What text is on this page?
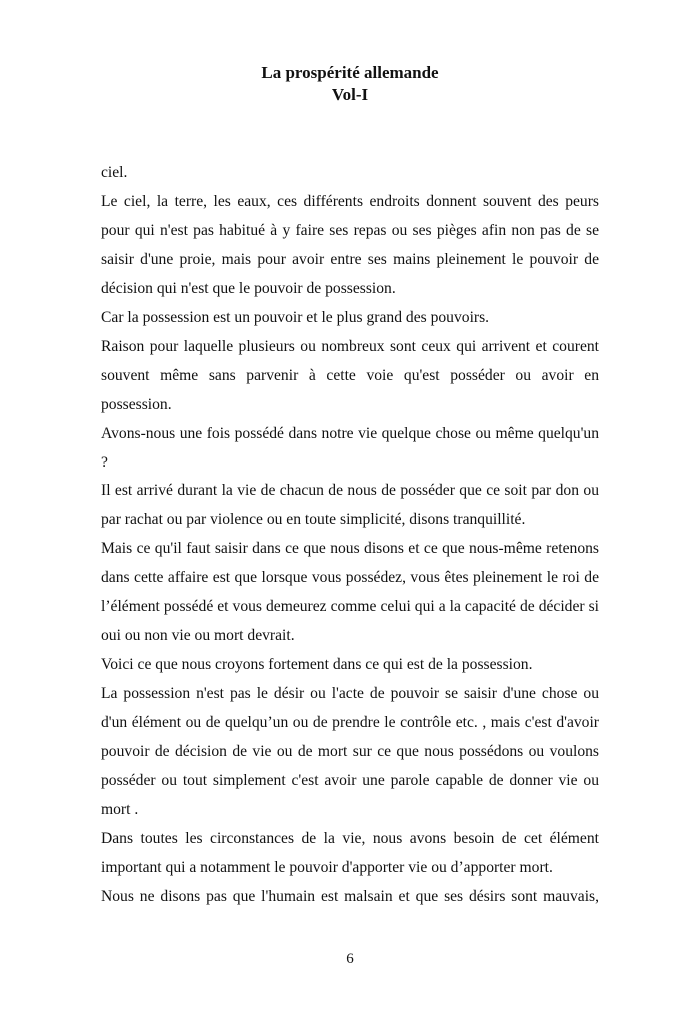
La prospérité allemande
Vol-I

ciel.

Le ciel, la terre, les eaux, ces différents endroits donnent souvent des peurs pour qui n'est pas habitué à y faire ses repas ou ses pièges afin non pas de se saisir d'une proie, mais pour avoir entre ses mains pleinement le pouvoir de décision qui n'est que le pouvoir de possession.

Car la possession est un pouvoir et le plus grand des pouvoirs.

Raison pour laquelle plusieurs ou nombreux sont ceux qui arrivent et courent souvent même sans parvenir à cette voie qu'est posséder ou avoir en possession.

Avons-nous une fois possédé dans notre vie quelque chose ou même quelqu'un ?

Il est arrivé durant la vie de chacun de nous de posséder que ce soit par don ou par rachat ou par violence ou en toute simplicité, disons tranquillité.

Mais ce qu'il faut saisir dans ce que nous disons et ce que nous-même retenons dans cette affaire est que lorsque vous possédez, vous êtes pleinement le roi de l’élément possédé et vous demeurez comme celui qui a la capacité de décider si oui ou non vie ou mort devrait.

Voici ce que nous croyons fortement dans ce qui est de la possession.

La possession n'est pas le désir ou l'acte de pouvoir se saisir d'une chose ou d'un élément ou de quelqu’un ou de prendre le contrôle etc. , mais c'est d'avoir pouvoir de décision de vie ou de mort sur ce que nous possédons ou voulons posséder ou tout simplement c'est avoir une parole capable de donner vie ou mort .

Dans toutes les circonstances de la vie, nous avons besoin de cet élément important qui a notamment le pouvoir d'apporter vie ou d’apporter mort.

Nous ne disons pas que l'humain est malsain et que ses désirs sont mauvais,

6
